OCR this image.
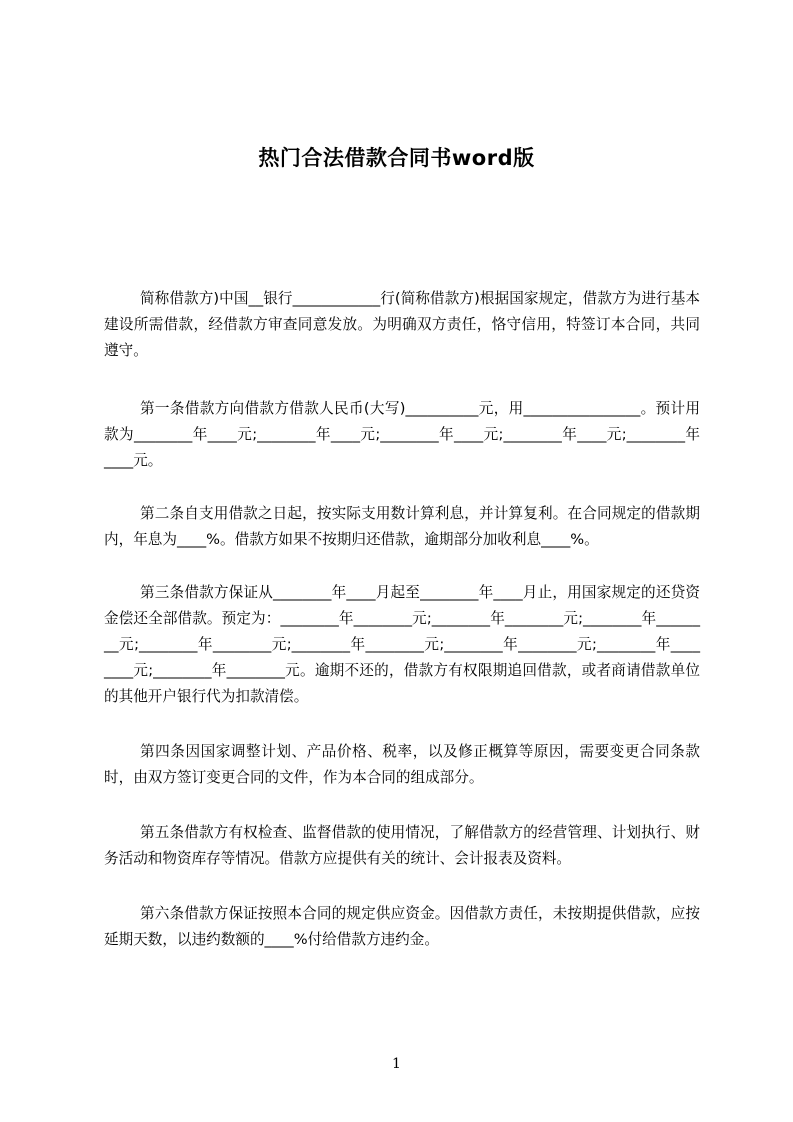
热门合法借款合同书word版

简称借款方)中国__银行____________行(简称借款方)根据国家规定，借款方为进行基本建设所需借款，经借款方审查同意发放。为明确双方责任，恪守信用，特签订本合同，共同遵守。

第一条借款方向借款方借款人民币(大写)__________元，用________________。预计用款为________年____元;________年____元;________年____元;________年____元;________年____元。

第二条自支用借款之日起，按实际支用数计算利息，并计算复利。在合同规定的借款期内，年息为____%。借款方如果不按期归还借款，逾期部分加收利息____%。

第三条借款方保证从________年____月起至________年____月止，用国家规定的还贷资金偿还全部借款。预定为：________年________元;________年________元;________年________元;________年________元;________年________元;________年________元;________年________元;________年________元。逾期不还的，借款方有权限期追回借款，或者商请借款单位的其他开户银行代为扣款清偿。

第四条因国家调整计划、产品价格、税率，以及修正概算等原因，需要变更合同条款时，由双方签订变更合同的文件，作为本合同的组成部分。

第五条借款方有权检查、监督借款的使用情况，了解借款方的经营管理、计划执行、财务活动和物资库存等情况。借款方应提供有关的统计、会计报表及资料。

第六条借款方保证按照本合同的规定供应资金。因借款方责任，未按期提供借款，应按延期天数，以违约数额的____%付给借款方违约金。

1
